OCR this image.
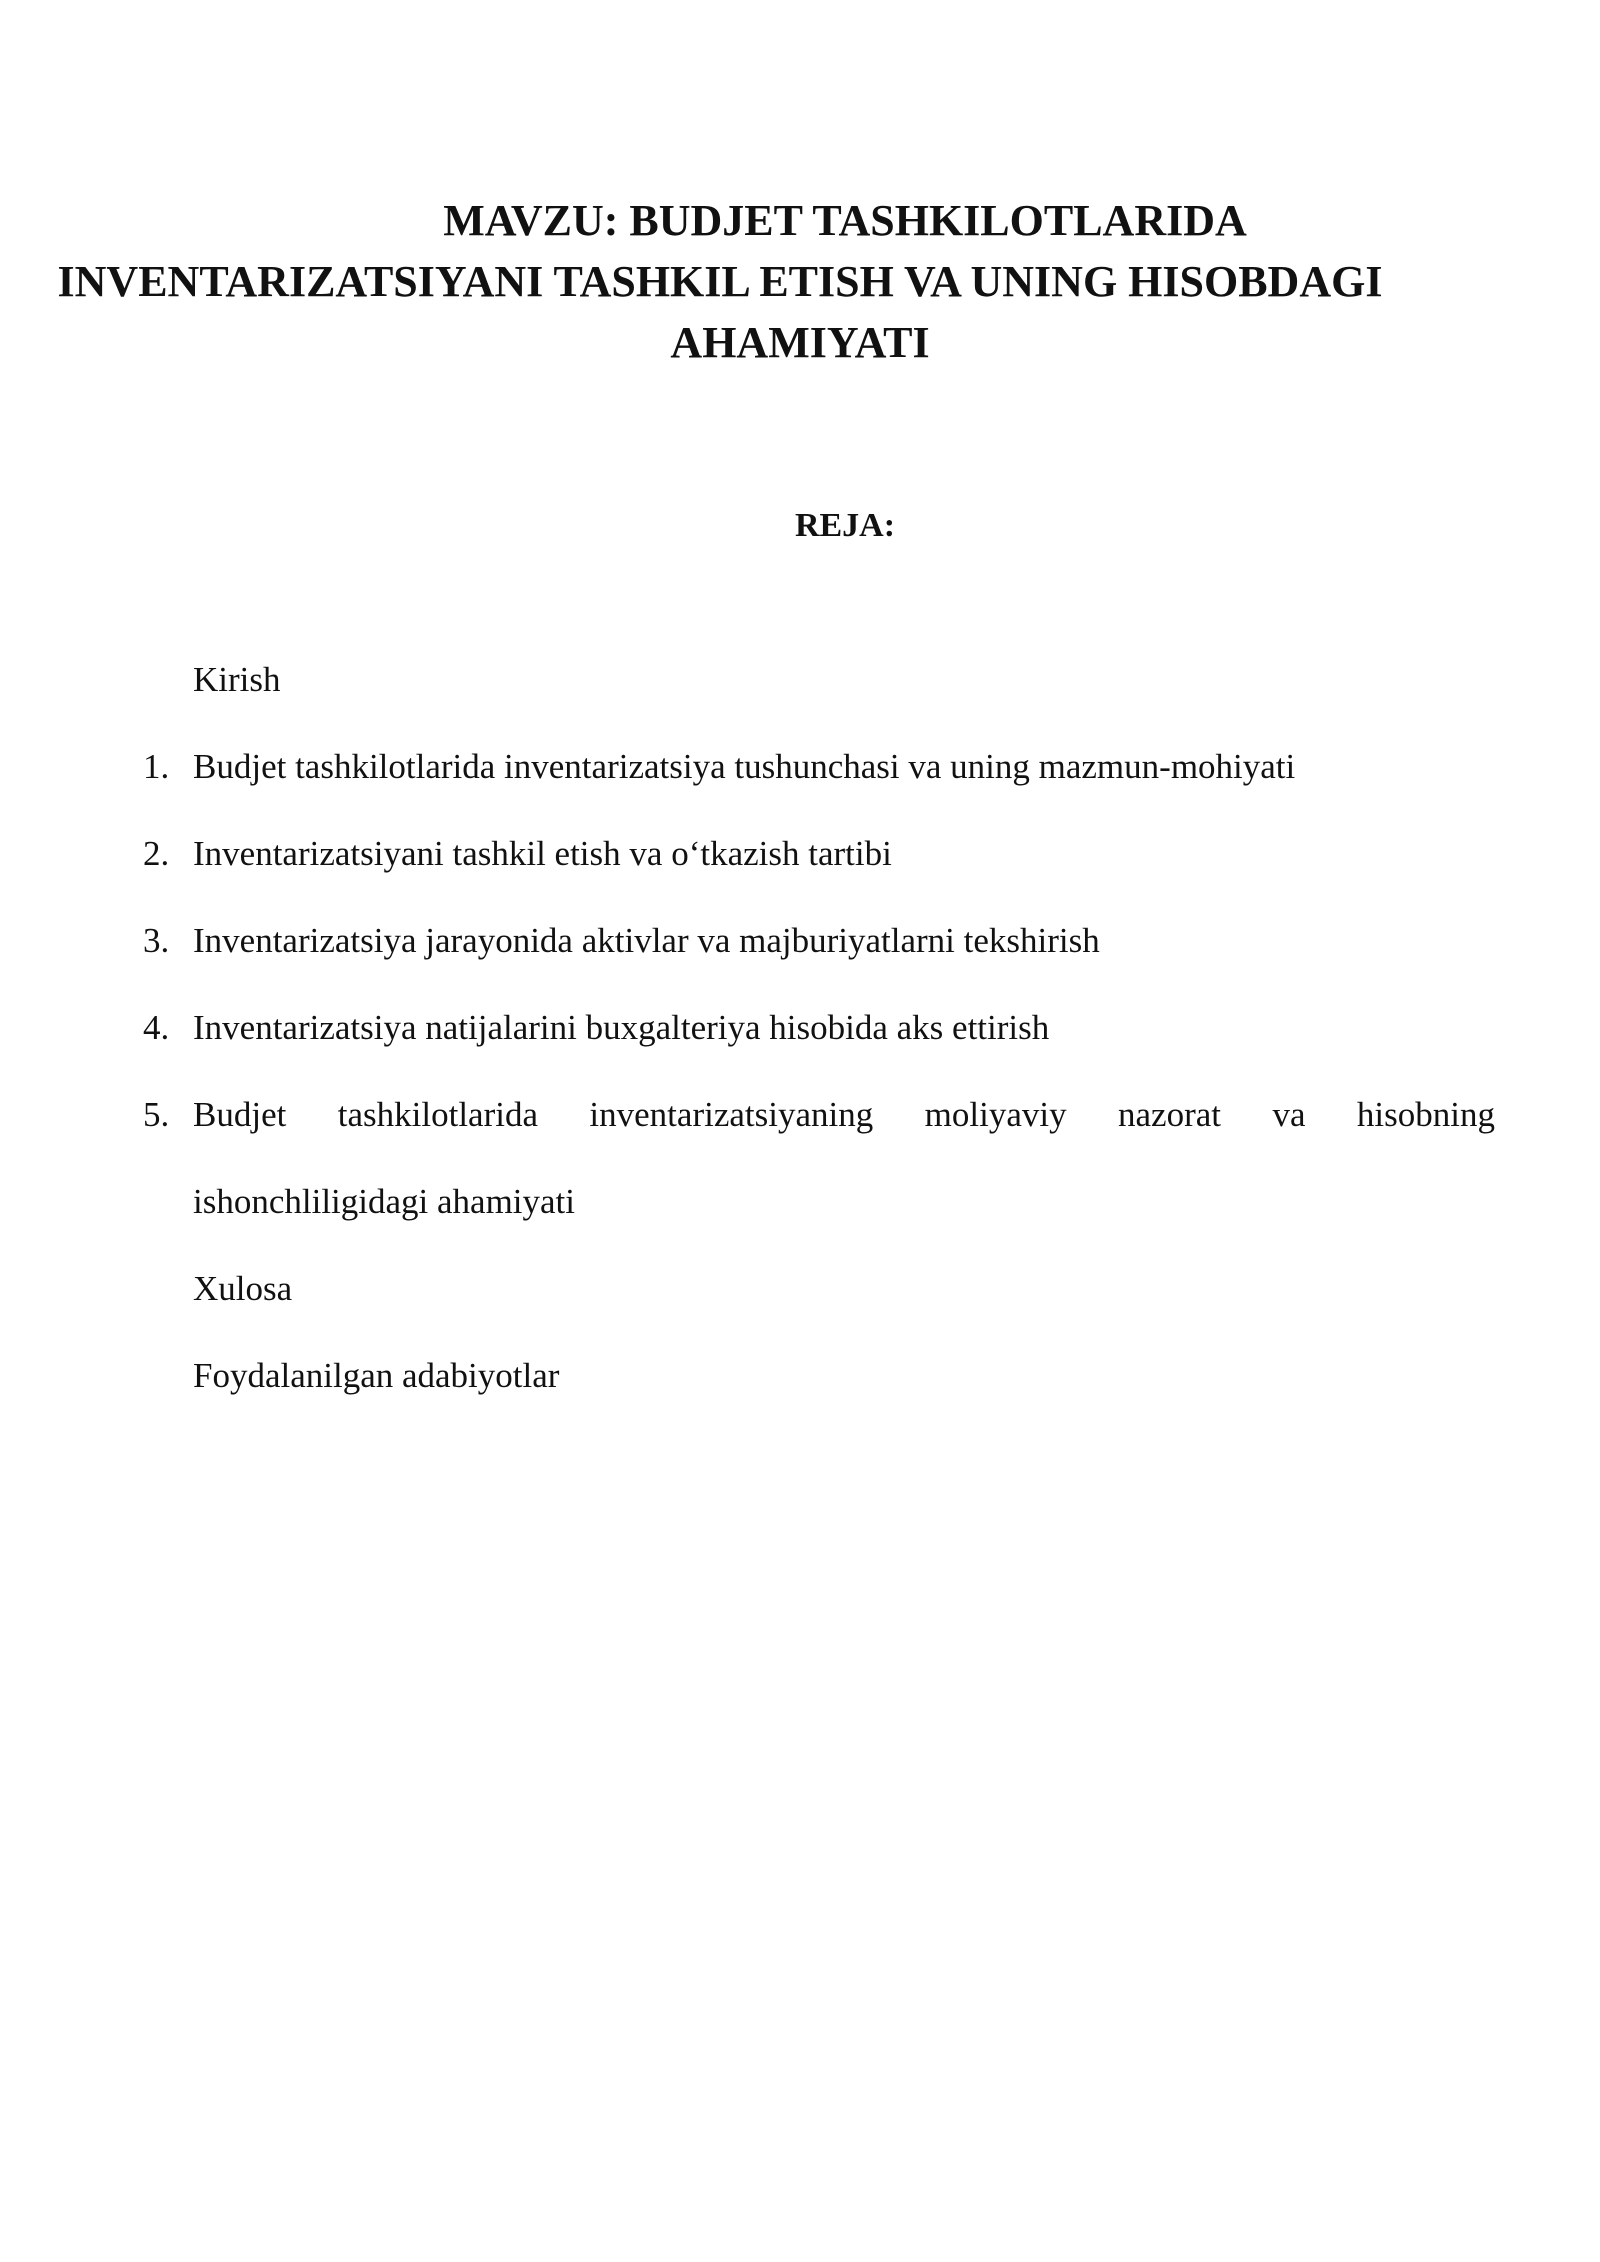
MAVZU: BUDJET TASHKILOTLARIDA
INVENTARIZATSIYANI TASHKIL ETISH VA UNING HISOBDAGI
AHAMIYATI
REJA:
Kirish
1. Budjet tashkilotlarida inventarizatsiya tushunchasi va uning mazmun-mohiyati
2. Inventarizatsiyani tashkil etish va o‘tkazish tartibi
3. Inventarizatsiya jarayonida aktivlar va majburiyatlarni tekshirish
4. Inventarizatsiya natijalarini buxgalteriya hisobida aks ettirish
5. Budjet tashkilotlarida inventarizatsiyaning moliyaviy nazorat va hisobning
ishonchliligidagi ahamiyati
Xulosa
Foydalanilgan adabiyotlar
